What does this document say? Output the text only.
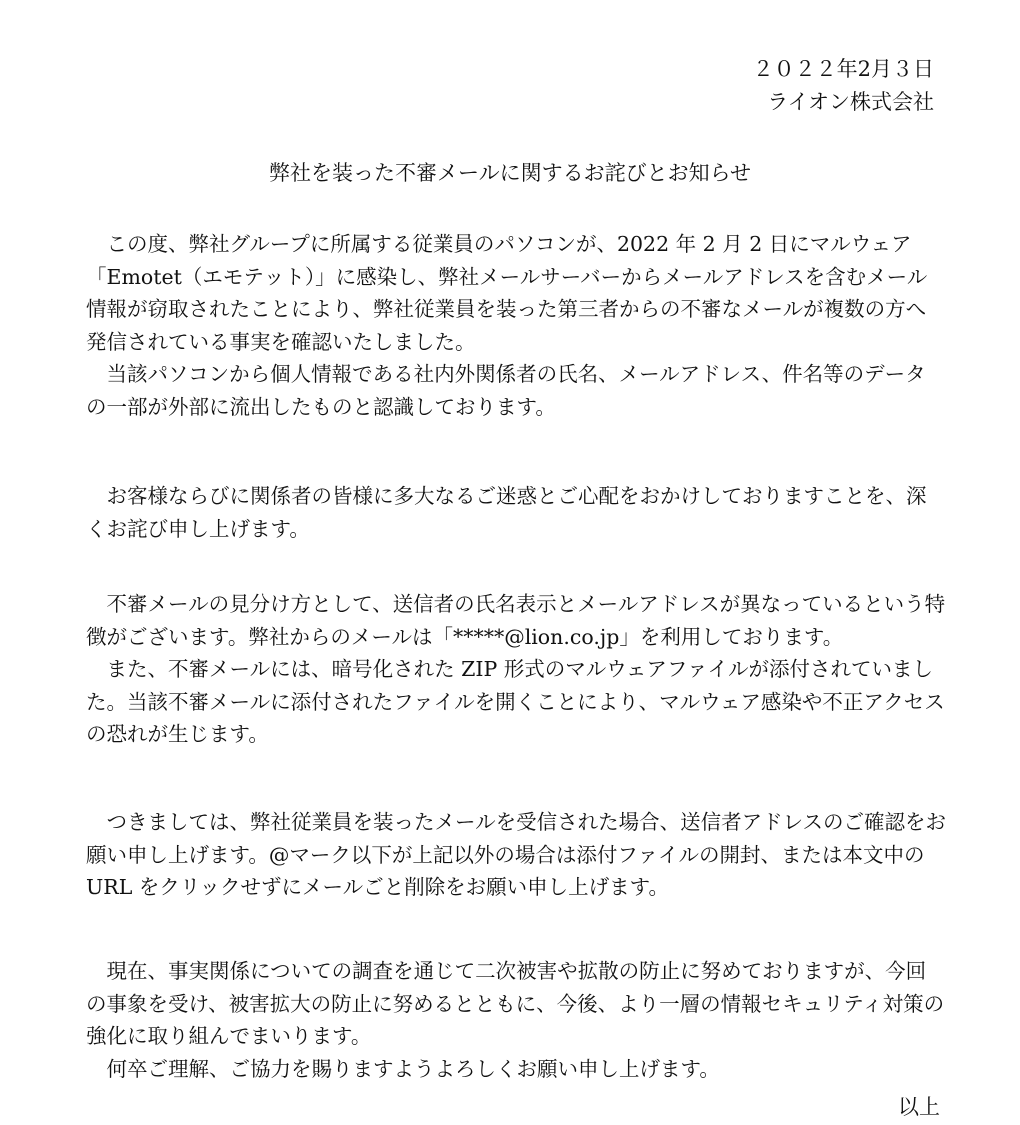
２０２２年2月３日
ライオン株式会社
弊社を装った不審メールに関するお詫びとお知らせ

この度、弊社グループに所属する従業員のパソコンが、2022 年 2 月 2 日にマルウェア「Emotet（エモテット）」に感染し、弊社メールサーバーからメールアドレスを含むメール情報が窃取されたことにより、弊社従業員を装った第三者からの不審なメールが複数の方へ発信されている事実を確認いたしました。

当該パソコンから個人情報である社内外関係者の氏名、メールアドレス、件名等のデータの一部が外部に流出したものと認識しております。

お客様ならびに関係者の皆様に多大なるご迷惑とご心配をおかけしておりますことを、深くお詫び申し上げます。

不審メールの見分け方として、送信者の氏名表示とメールアドレスが異なっているという特徴がございます。弊社からのメールは「*****@lion.co.jp」を利用しております。

また、不審メールには、暗号化された ZIP 形式のマルウェアファイルが添付されていました。当該不審メールに添付されたファイルを開くことにより、マルウェア感染や不正アクセスの恐れが生じます。

つきましては、弊社従業員を装ったメールを受信された場合、送信者アドレスのご確認をお願い申し上げます。@マーク以下が上記以外の場合は添付ファイルの開封、または本文中の URL をクリックせずにメールごと削除をお願い申し上げます。

現在、事実関係についての調査を通じて二次被害や拡散の防止に努めておりますが、今回の事象を受け、被害拡大の防止に努めるとともに、今後、より一層の情報セキュリティ対策の強化に取り組んでまいります。

何卒ご理解、ご協力を賜りますようよろしくお願い申し上げます。

以上
